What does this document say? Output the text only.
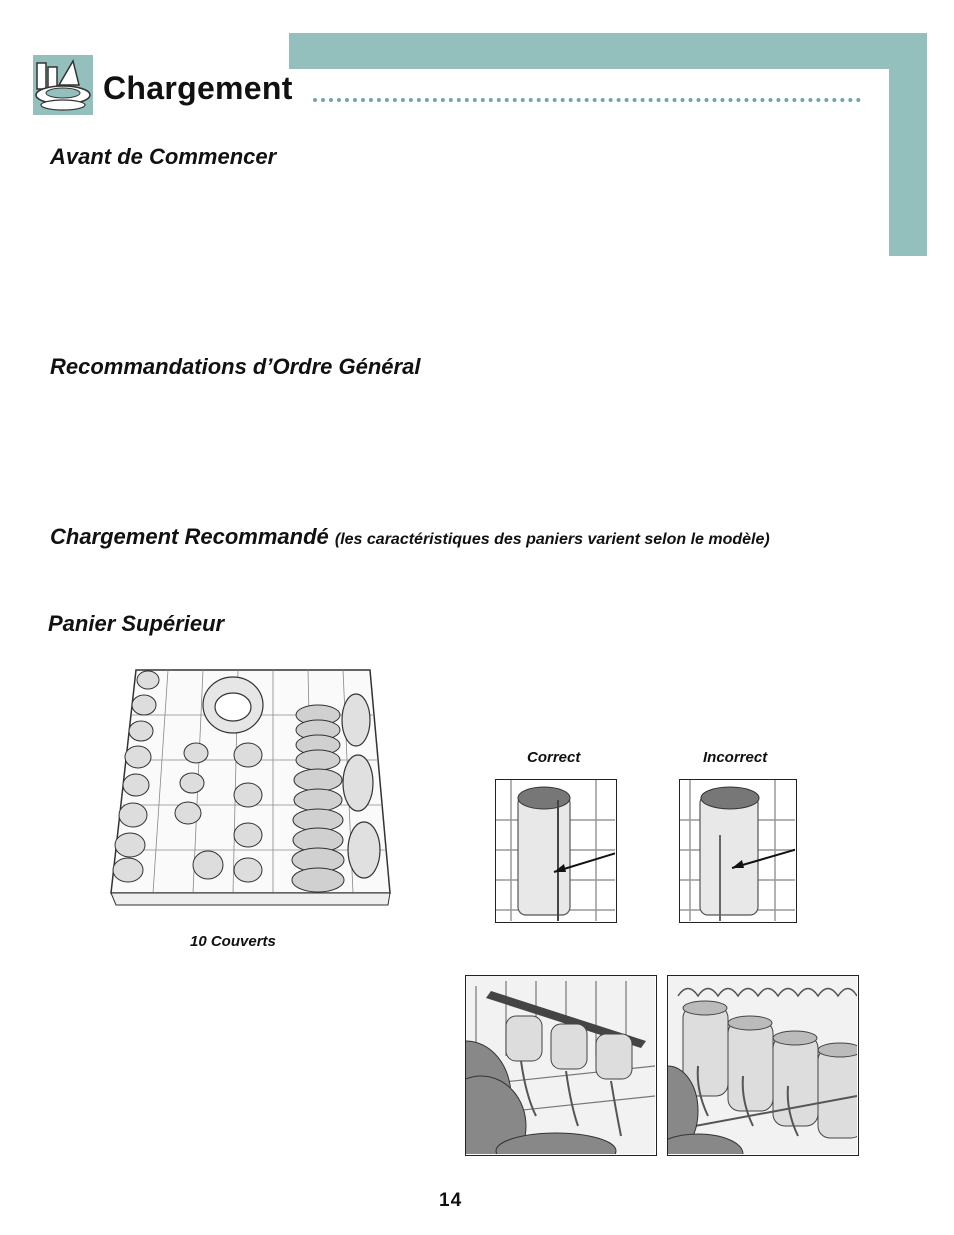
Chargement
Avant de Commencer
Recommandations d’Ordre Général
Chargement Recommandé (les caractéristiques des paniers varient selon le modèle)
Panier Supérieur
10 Couverts
Correct	Incorrect
14
